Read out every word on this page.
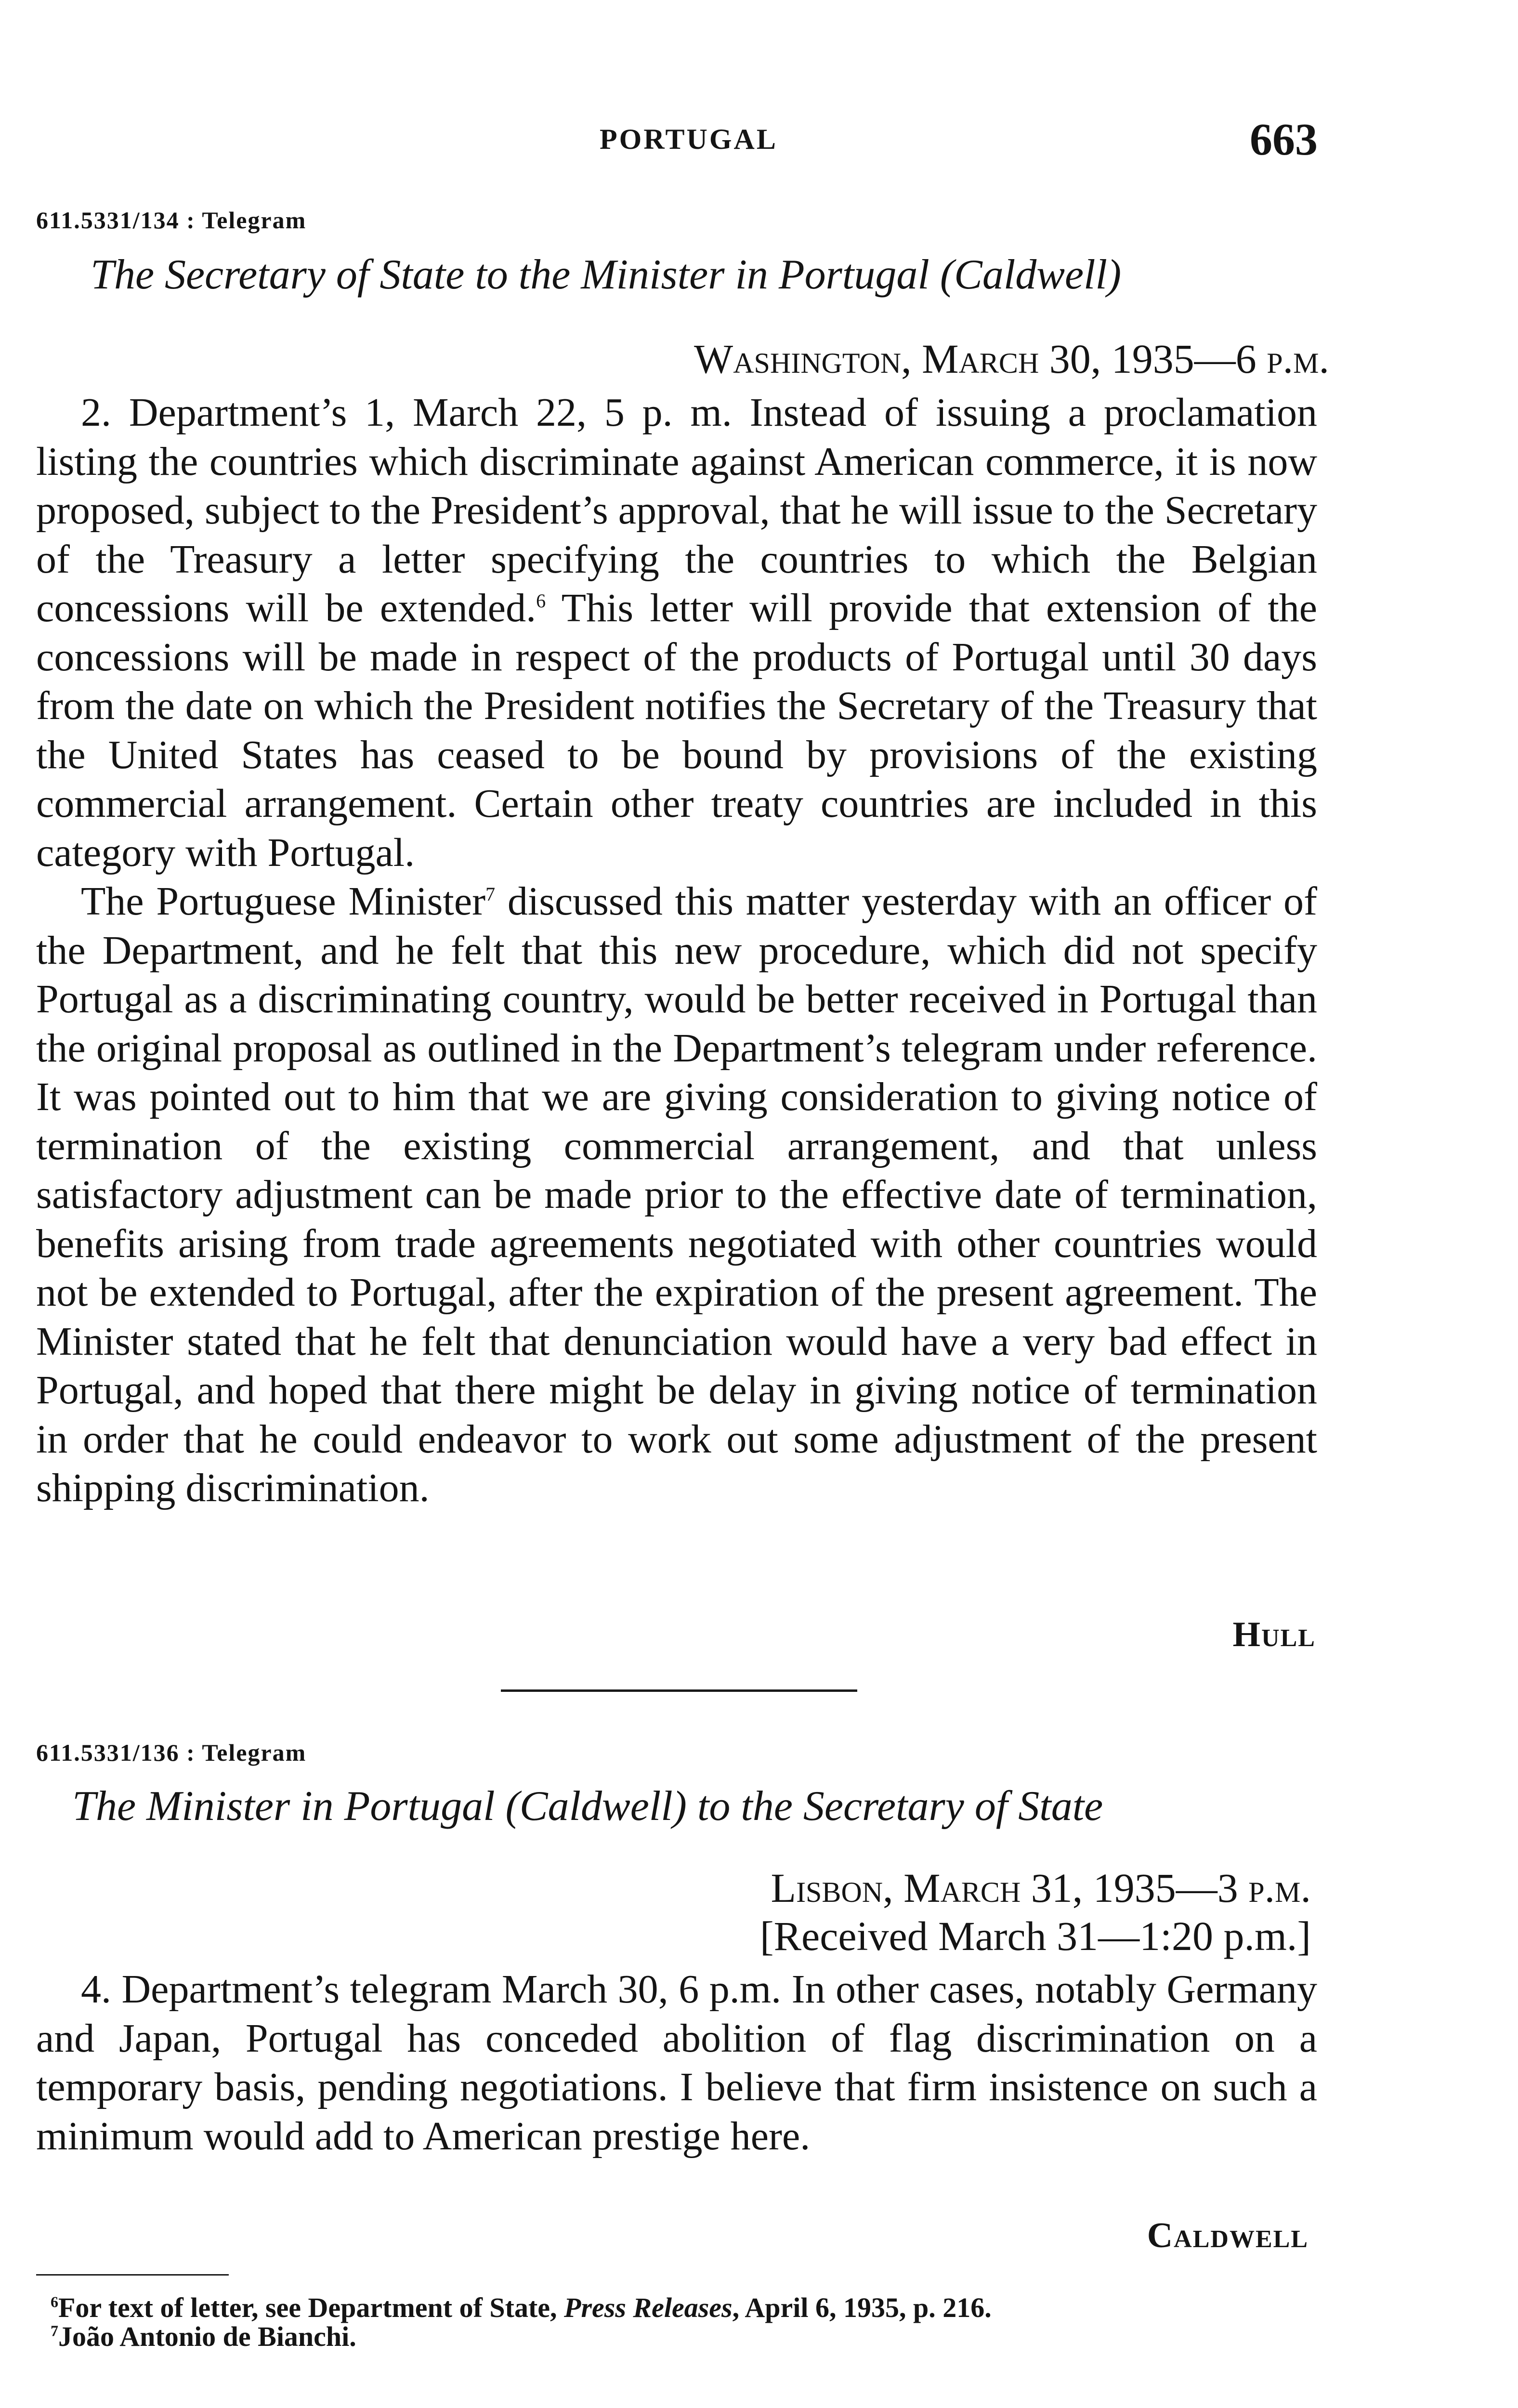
PORTUGAL	663
611.5331/134 : Telegram
The Secretary of State to the Minister in Portugal (Caldwell)
Washington, March 30, 1935—6 p.m.

2. Department’s 1, March 22, 5 p. m. Instead of issuing a proclamation listing the countries which discriminate against American commerce, it is now proposed, subject to the President’s approval, that he will issue to the Secretary of the Treasury a letter specifying the countries to which the Belgian concessions will be extended.$^6$ This letter will provide that extension of the concessions will be made in respect of the products of Portugal until 30 days from the date on which the President notifies the Secretary of the Treasury that the United States has ceased to be bound by provisions of the existing commercial arrangement. Certain other treaty countries are included in this category with Portugal.

The Portuguese Minister$^7$ discussed this matter yesterday with an officer of the Department, and he felt that this new procedure, which did not specify Portugal as a discriminating country, would be better received in Portugal than the original proposal as outlined in the Department’s telegram under reference. It was pointed out to him that we are giving consideration to giving notice of termination of the existing commercial arrangement, and that unless satisfactory adjustment can be made prior to the effective date of termination, benefits arising from trade agreements negotiated with other countries would not be extended to Portugal, after the expiration of the present agreement. The Minister stated that he felt that denunciation would have a very bad effect in Portugal, and hoped that there might be delay in giving notice of termination in order that he could endeavor to work out some adjustment of the present shipping discrimination.

Hull
611.5331/136 : Telegram
The Minister in Portugal (Caldwell) to the Secretary of State
Lisbon, March 31, 1935—3 p.m.
[Received March 31—1:20 p.m.]

4. Department’s telegram March 30, 6 p.m. In other cases, notably Germany and Japan, Portugal has conceded abolition of flag discrimination on a temporary basis, pending negotiations. I believe that firm insistence on such a minimum would add to American prestige here.

Caldwell

$^6$For text of letter, see Department of State, Press Releases, April 6, 1935, p. 216.

$^7$João Antonio de Bianchi.
